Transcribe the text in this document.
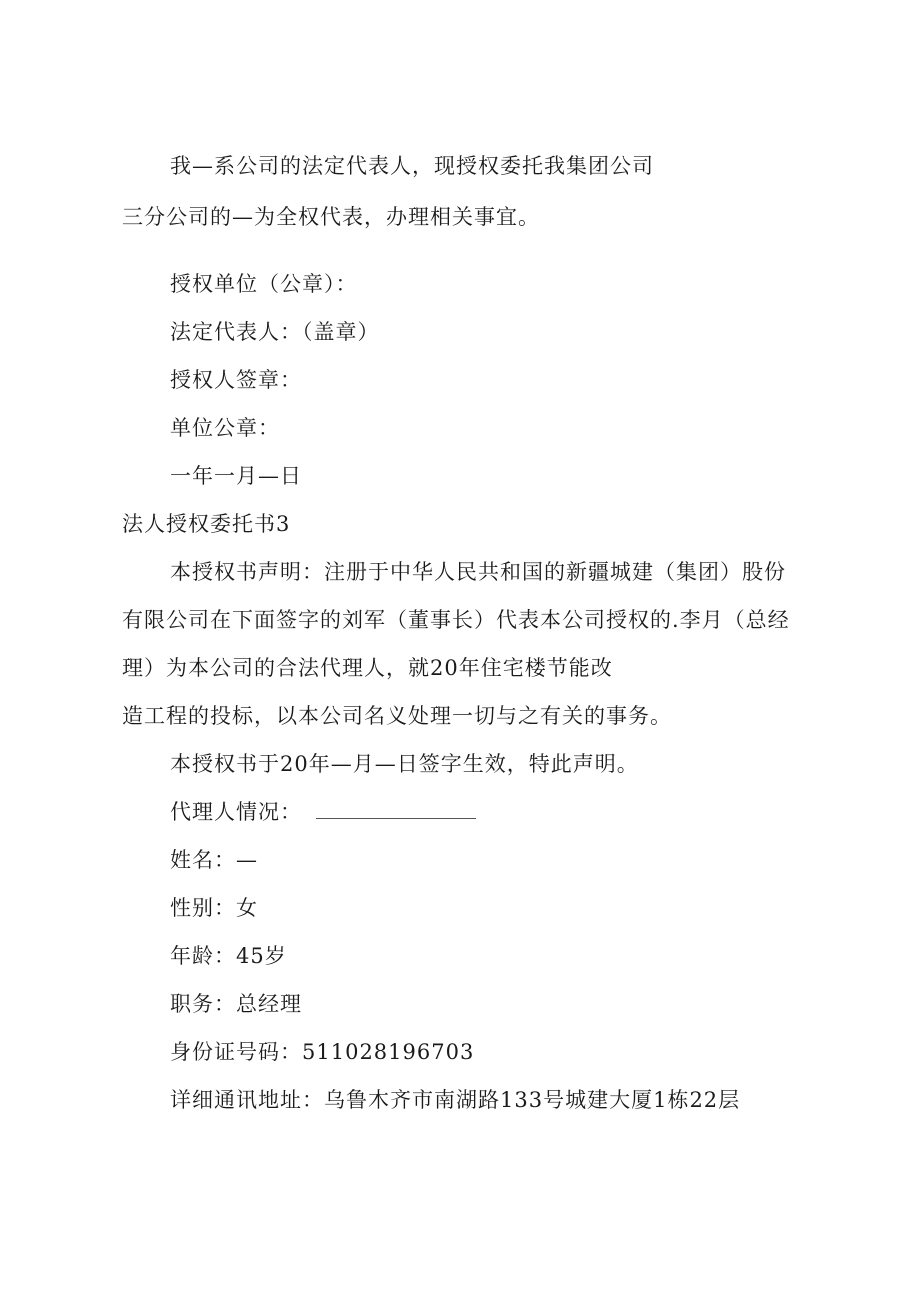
我—系公司的法定代表人，现授权委托我集团公司
三分公司的—为全权代表，办理相关事宜。
授权单位（公章）：
法定代表人：（盖章）
授权人签章：
单位公章：
一年一月—日
法人授权委托书3
本授权书声明：注册于中华人民共和国的新疆城建（集团）股份
有限公司在下面签字的刘军（董事长）代表本公司授权的.李月（总经
理）为本公司的合法代理人，就20年住宅楼节能改
造工程的投标，以本公司名义处理一切与之有关的事务。
本授权书于20年—月—日签字生效，特此声明。
代理人情况：
姓名：—
性别：女
年龄：45岁
职务：总经理
身份证号码：511028196703
详细通讯地址：乌鲁木齐市南湖路133号城建大厦1栋22层
